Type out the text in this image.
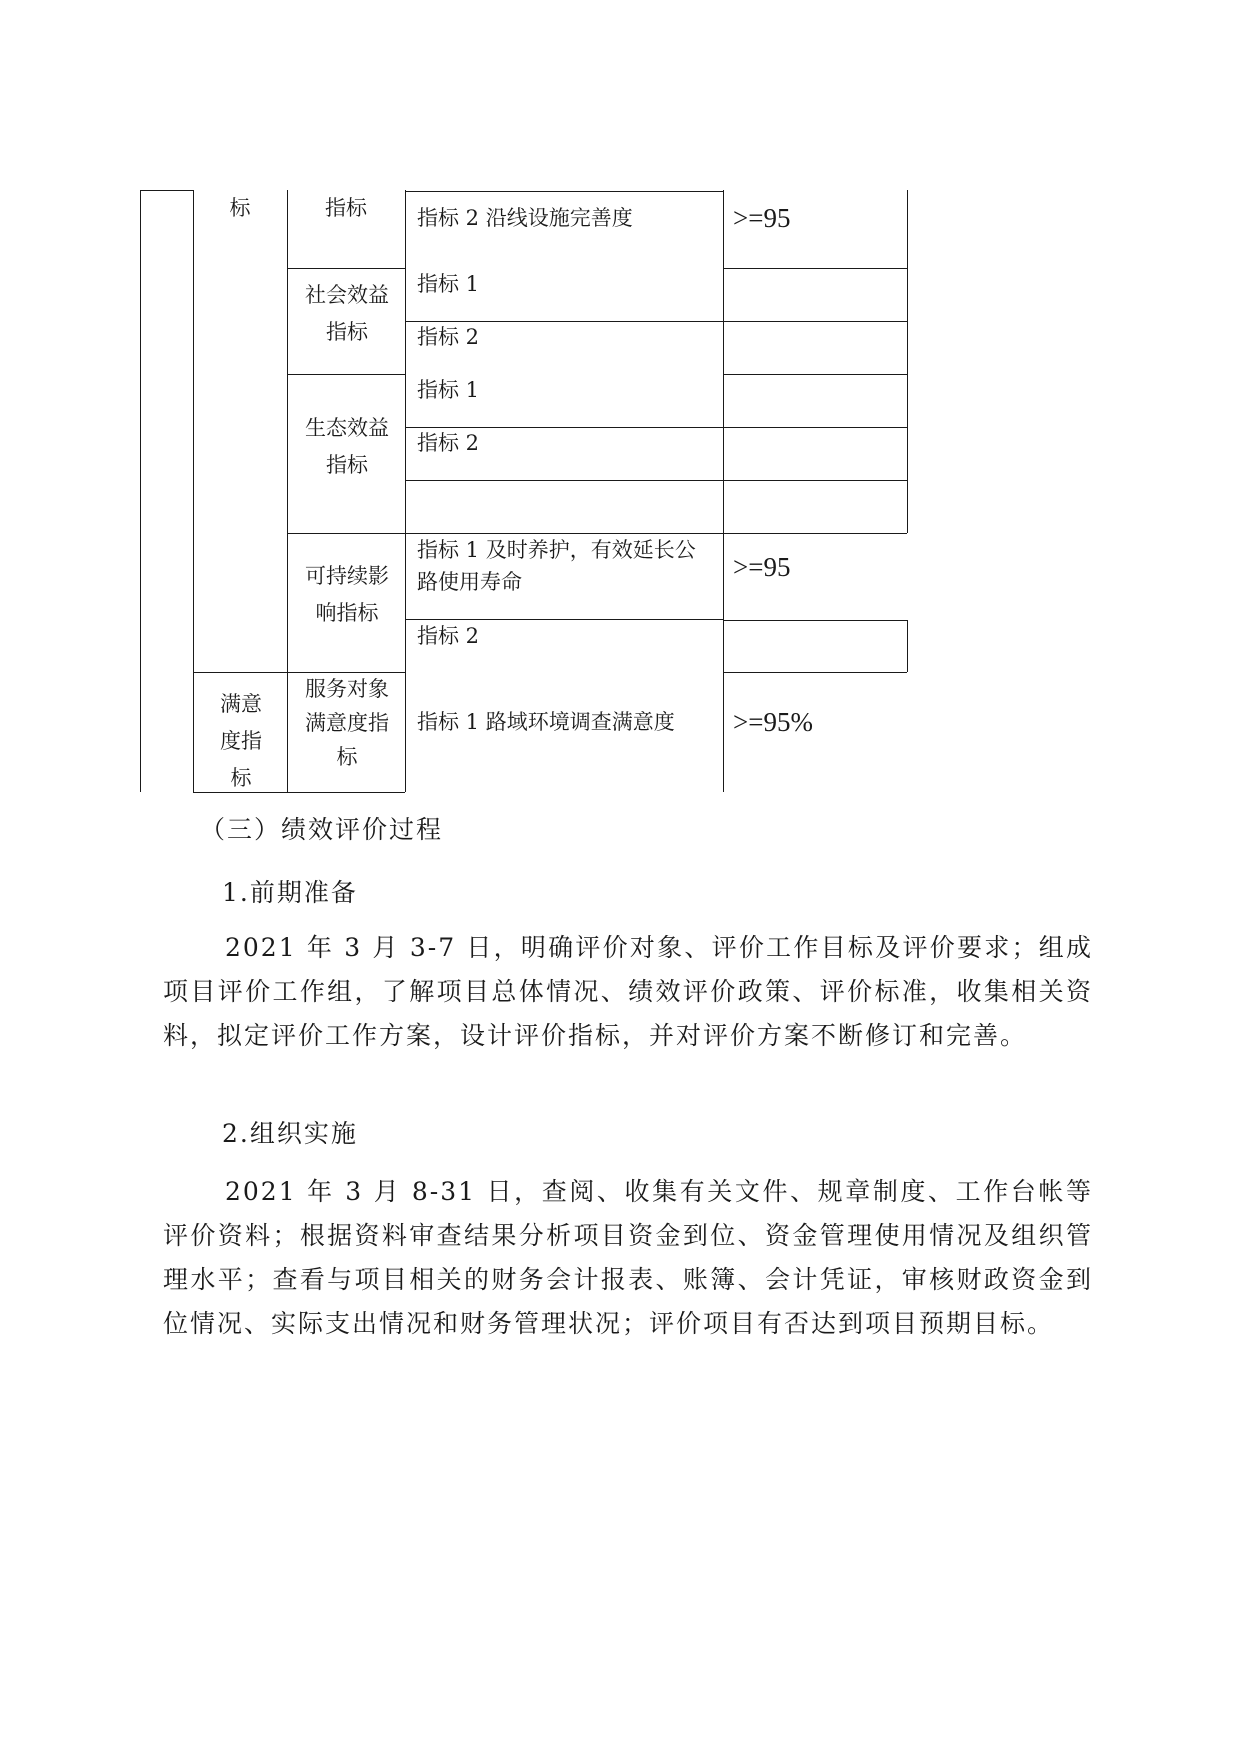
标
满意度指标
指标
社会效益指标
生态效益指标
可持续影响指标
服务对象满意度指标
指标 2 沿线设施完善度
指标 1
指标 2
指标 1
指标 2
指标 1 及时养护，有效延长公路使用寿命
指标 2
指标 1 路域环境调查满意度
>=95
>=95
>=95%
（三）绩效评价过程
1.前期准备

2021 年 3 月 3-7 日，明确评价对象、评价工作目标及评价要求；组成项目评价工作组，了解项目总体情况、绩效评价政策、评价标准，收集相关资料，拟定评价工作方案，设计评价指标，并对评价方案不断修订和完善。

2.组织实施

2021 年 3 月 8-31 日，查阅、收集有关文件、规章制度、工作台帐等评价资料；根据资料审查结果分析项目资金到位、资金管理使用情况及组织管理水平；查看与项目相关的财务会计报表、账簿、会计凭证，审核财政资金到位情况、实际支出情况和财务管理状况；评价项目有否达到项目预期目标。
